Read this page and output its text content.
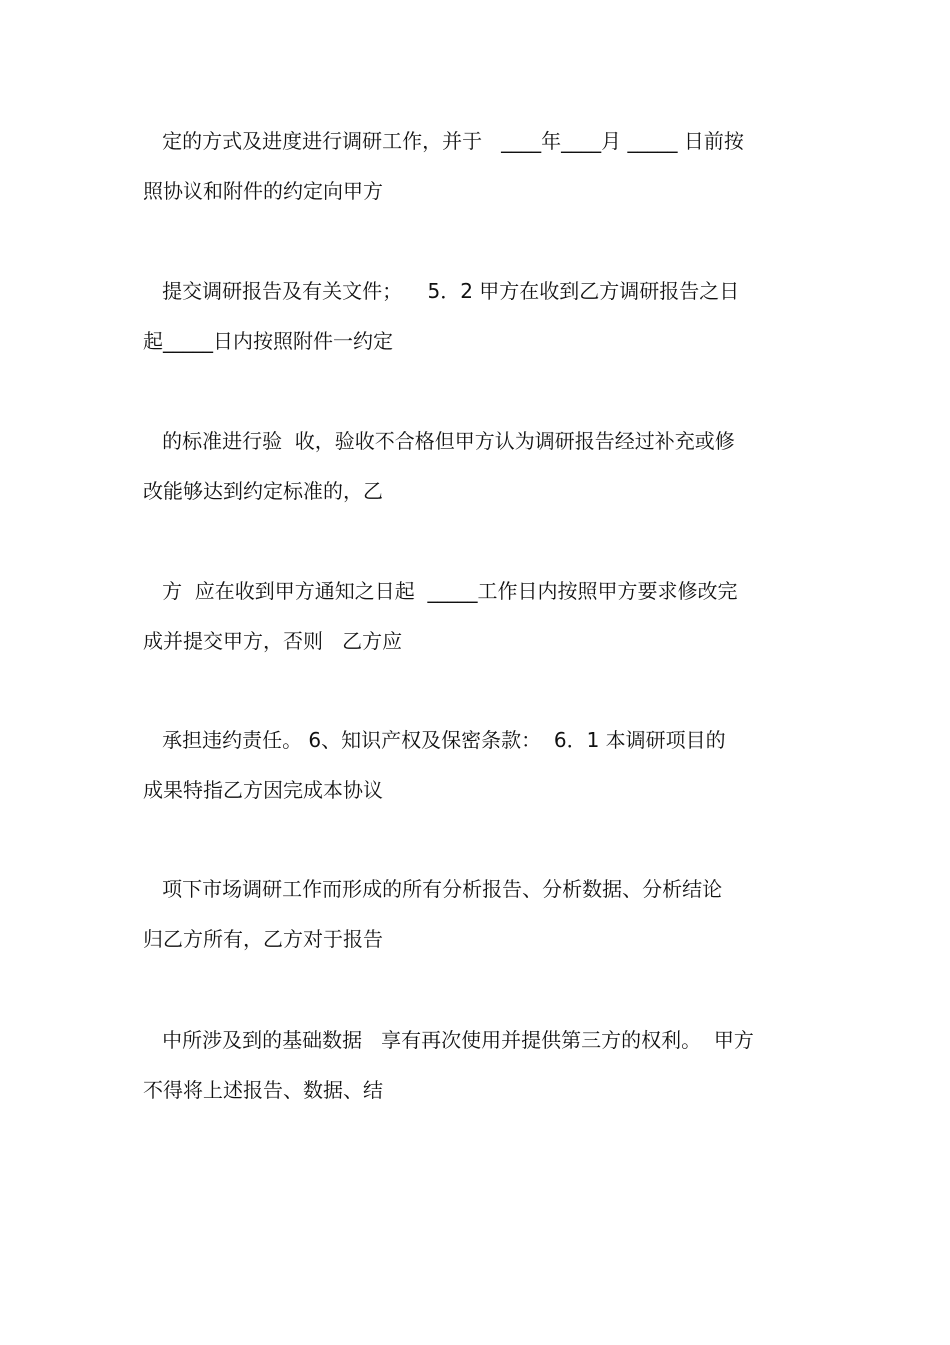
定的方式及进度进行调研工作，并于   ____年____月 _____ 日前按
照协议和附件的约定向甲方
提交调研报告及有关文件；    5．2 甲方在收到乙方调研报告之日
起_____日内按照附件一约定
的标准进行验  收，验收不合格但甲方认为调研报告经过补充或修
改能够达到约定标准的，乙
方  应在收到甲方通知之日起  _____工作日内按照甲方要求修改完
成并提交甲方，否则   乙方应
承担违约责任。 6、知识产权及保密条款：  6．1 本调研项目的
成果特指乙方因完成本协议
项下市场调研工作而形成的所有分析报告、分析数据、分析结论
归乙方所有，乙方对于报告
中所涉及到的基础数据   享有再次使用并提供第三方的权利。  甲方
不得将上述报告、数据、结
